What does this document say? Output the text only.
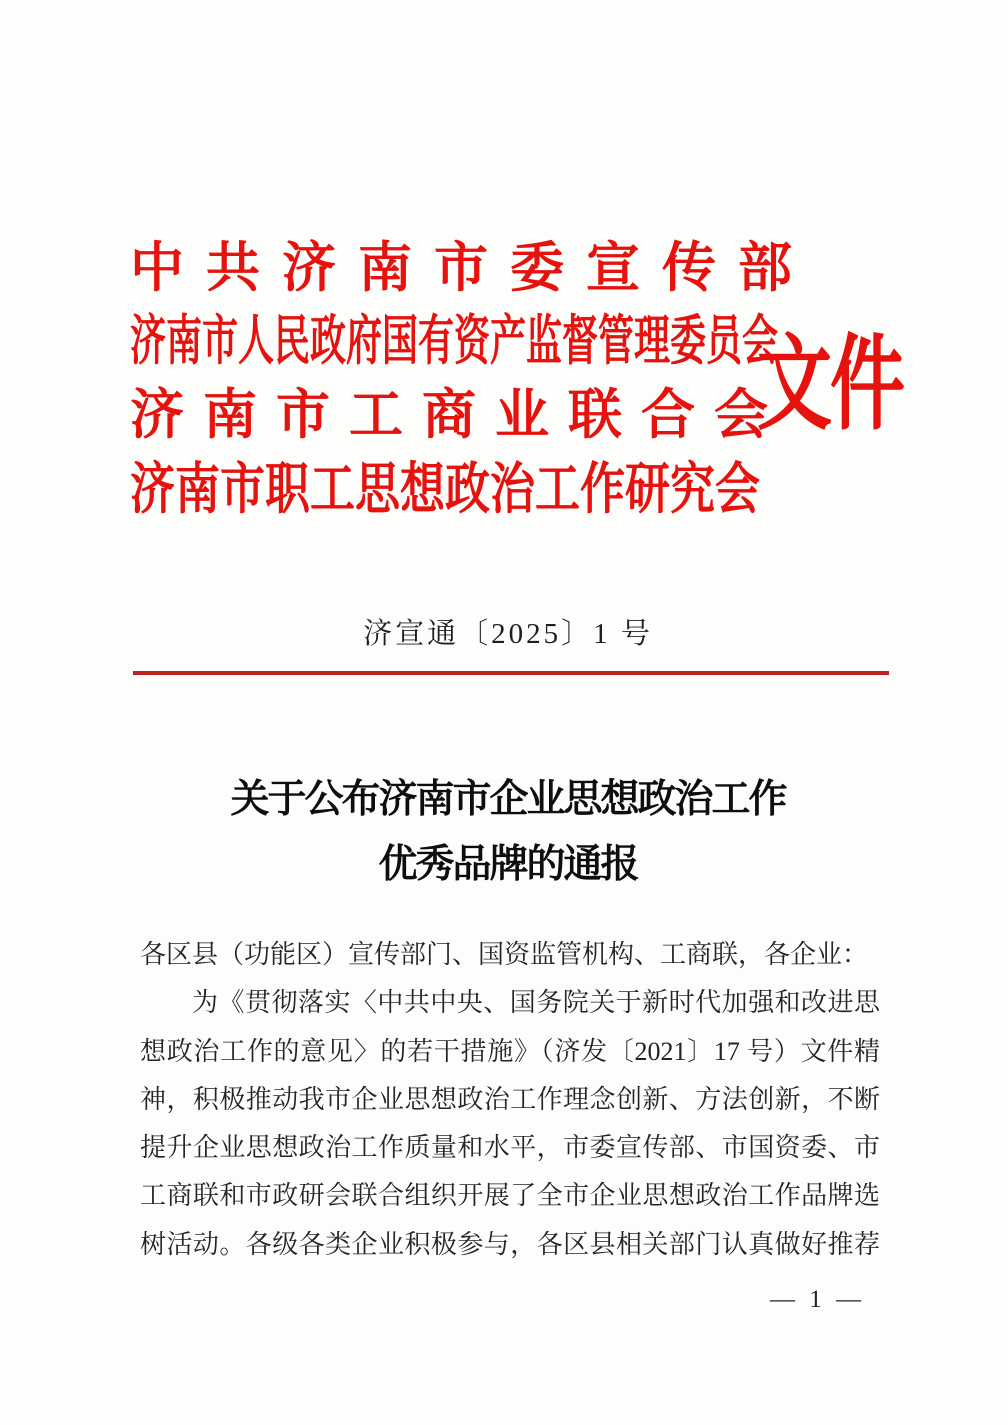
中共济南市委宣传部
济南市人民政府国有资产监督管理委员会
济南市工商业联合会
济南市职工思想政治工作研究会
文件
济宣通〔2025〕1 号
关于公布济南市企业思想政治工作
优秀品牌的通报
各区县（功能区）宣传部门、国资监管机构、工商联，各企业：
为《贯彻落实〈中共中央、国务院关于新时代加强和改进思
想政治工作的意见〉的若干措施》（济发〔2021〕17 号）文件精
神，积极推动我市企业思想政治工作理念创新、方法创新，不断
提升企业思想政治工作质量和水平，市委宣传部、市国资委、市
工商联和市政研会联合组织开展了全市企业思想政治工作品牌选
树活动。各级各类企业积极参与，各区县相关部门认真做好推荐
— 1 —
